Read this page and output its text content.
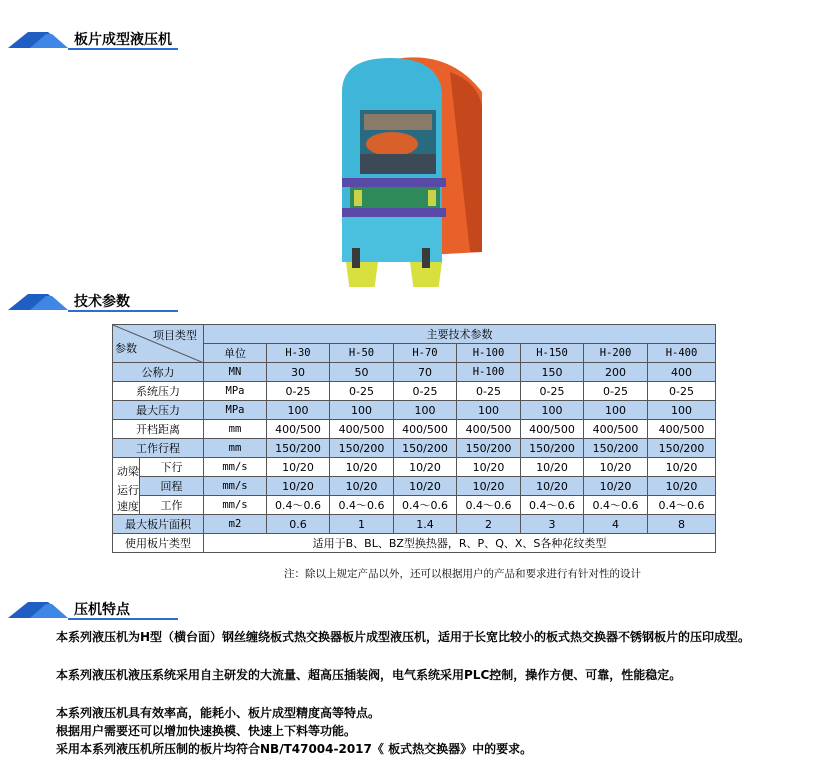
板片成型液压机
技术参数
项目类型
参数		主要技术参数							
		单位	H-30	H-50	H-70	H-100	H-150	H-200	H-400
公称力		MN	30	50	70	H-100	150	200	400
系统压力		MPa	0-25	0-25	0-25	0-25	0-25	0-25	0-25
最大压力		MPa	100	100	100	100	100	100	100
开档距离		mm	400/500	400/500	400/500	400/500	400/500	400/500	400/500
工作行程		mm	150/200	150/200	150/200	150/200	150/200	150/200	150/200

动梁
运行
速度	下行	mm/s	10/20	10/20	10/20	10/20	10/20	10/20	10/20
	回程	mm/s	10/20	10/20	10/20	10/20	10/20	10/20	10/20
	工作	mm/s	0.4～0.6	0.4～0.6	0.4～0.6	0.4～0.6	0.4～0.6	0.4～0.6	0.4～0.6
最大板片面积		m2	0.6	1	1.4	2	3	4	8
使用板片类型		适用于B、BL、BZ型换热器，R、P、Q、X、S各种花纹类型							
注：除以上规定产品以外，还可以根据用户的产品和要求进行有针对性的设计
压机特点
本系列液压机为H型（横台面）钢丝缠绕板式热交换器板片成型液压机，适用于长宽比较小的板式热交换器不锈钢板片的压印成型。
本系列液压机液压系统采用自主研发的大流量、超高压插装阀，电气系统采用PLC控制，操作方便、可靠，性能稳定。
本系列液压机具有效率高，能耗小、板片成型精度高等特点。
根据用户需要还可以增加快速换模、快速上下料等功能。
采用本系列液压机所压制的板片均符合NB/T47004-2017《 板式热交换器》中的要求。
